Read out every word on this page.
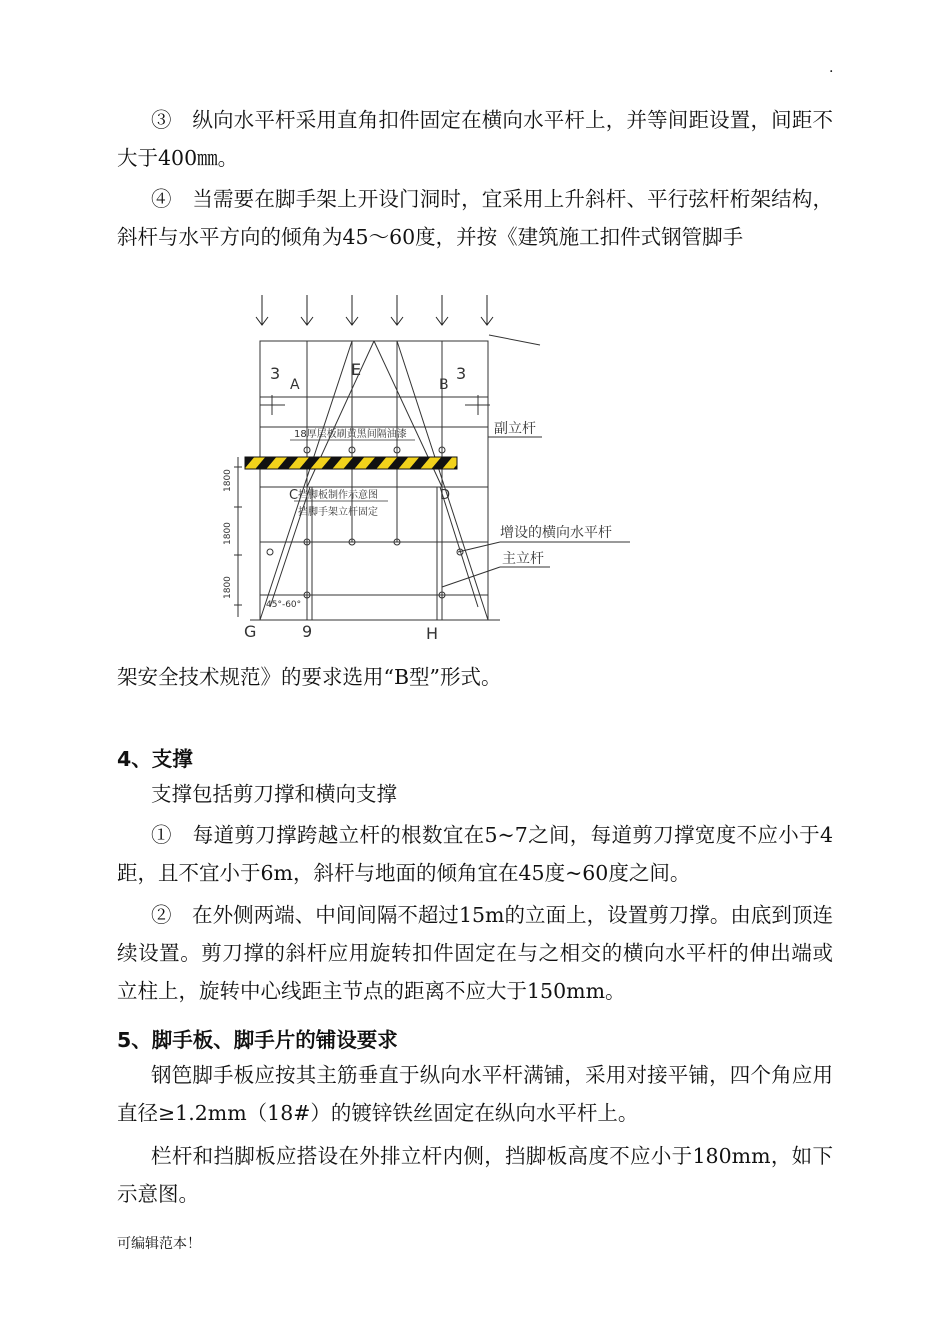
.

③　纵向水平杆采用直角扣件固定在横向水平杆上，并等间距设置，间距不大于400㎜。

④　当需要在脚手架上开设门洞时，宜采用上升斜杆、平行弦杆桁架结构，斜杆与水平方向的倾角为45～60度，并按《建筑施工扣件式钢管脚手

3
A
E
B
3
G	9	H
C	D
18厚层板刷黄黑间隔油漆
挡脚板制作示意图
挡脚手架立杆固定
45°-60°
1800
1800
1800
副立杆
增设的横向水平杆
主立杆

架安全技术规范》的要求选用“B型”形式。

4、支撑

支撑包括剪刀撑和横向支撑

①　每道剪刀撑跨越立杆的根数宜在5~7之间，每道剪刀撑宽度不应小于4距，且不宜小于6m，斜杆与地面的倾角宜在45度~60度之间。

②　在外侧两端、中间间隔不超过15m的立面上，设置剪刀撑。由底到顶连续设置。剪刀撑的斜杆应用旋转扣件固定在与之相交的横向水平杆的伸出端或立柱上，旋转中心线距主节点的距离不应大于150mm。

5、脚手板、脚手片的铺设要求

钢笆脚手板应按其主筋垂直于纵向水平杆满铺，采用对接平铺，四个角应用直径≥1.2mm（18#）的镀锌铁丝固定在纵向水平杆上。

栏杆和挡脚板应搭设在外排立杆内侧，挡脚板高度不应小于180mm，如下示意图。

可编辑范本！
